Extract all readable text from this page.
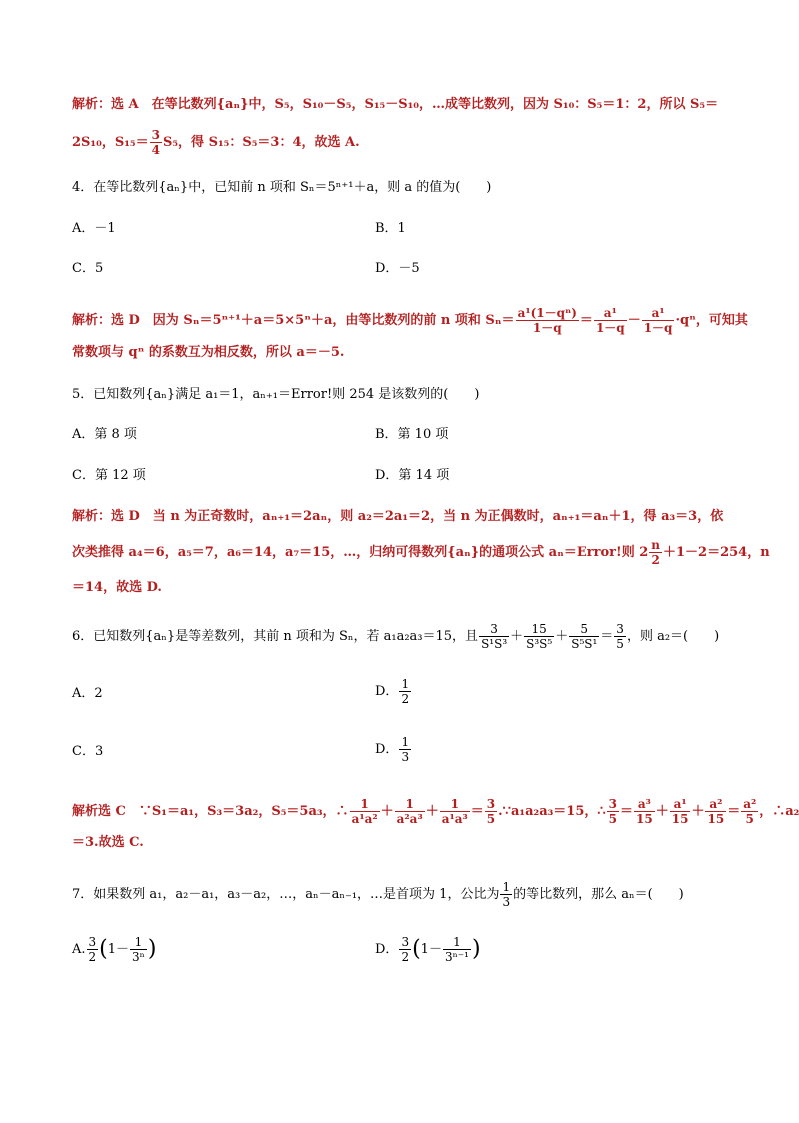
解析：选 A　在等比数列{aₙ}中，S₅，S₁₀－S₅，S₁₅－S₁₀，…成等比数列，因为 S₁₀：S₅＝1：2，所以 S₅＝
2S₁₀，$S_{15}= \frac{3}{4} S_5$，得 S₁₅：S₅＝3：4，故选 A.
4．在等比数列{aₙ}中，已知前 n 项和 Sₙ＝5ⁿ⁺¹＋a，则 a 的值为(　　)
A．－1	B．1
C．5	D．－5
解析：选 D　因为 Sₙ＝5ⁿ⁺¹＋a＝5×5ⁿ＋a，由等比数列的前 n 项和 $S_n= \frac{\text{a¹(1－qⁿ)}}{1-q} = \frac{\text{a¹}}{1-q} - \frac{\text{a¹}}{1-q} \cdot q^n$，可知其
常数项与 qⁿ 的系数互为相反数，所以 a＝－5.
5．已知数列{aₙ}满足 a₁＝1，aₙ₊₁＝Error!则 254 是该数列的(　　)
A．第 8 项	B．第 10 项
C．第 12 项	D．第 14 项
解析：选 D　当 n 为正奇数时，aₙ₊₁＝2aₙ，则 a₂＝2a₁＝2，当 n 为正偶数时，aₙ₊₁＝aₙ＋1，得 a₃＝3，依
次类推得 a₄＝6，a₅＝7，a₆＝14，a₇＝15，…，归纳可得数列{aₙ}的通项公式 aₙ＝Error!则 $2 \frac{n}{2} +1-2=254$，n
＝14，故选 D.
6．已知数列{aₙ}是等差数列，其前 n 项和为 Sₙ，若 a₁a₂a₃＝15，且 $\frac{3}{\text{S¹S³}} + \frac{15}{\text{S³S⁵}} + \frac{5}{\text{S⁵S¹}} = \frac{3}{5}$ ，则 a₂＝(　　)
A．2	D． $\frac{1}{2}$
C．3	D． $\frac{1}{3}$
解析选 C　∵S₁＝a₁，S₃＝3a₂，S₅＝5a₃，∴ $\frac{1}{\text{a¹a²}} + \frac{1}{\text{a²a³}} + \frac{1}{\text{a¹a³}} = \frac{3}{5}$ .∵a₁a₂a₃＝15，∴ $\frac{3}{5} = \frac{\text{a³}}{15} + \frac{\text{a¹}}{15} + \frac{\text{a²}}{15} = \frac{\text{a²}}{5}$ ，∴a₂
＝3.故选 C.
7．如果数列 a₁，a₂－a₁，a₃－a₂，…，aₙ－aₙ₋₁，…是首项为 1，公比为 $\frac{1}{3}$ 的等比数列，那么 aₙ＝(　　)
A. $\frac{3}{2} (1- \frac{1}{\text{3ⁿ}}$ )	D． $\frac{3}{2} (1- \frac{1}{\text{3ⁿ⁻¹}}$ )
